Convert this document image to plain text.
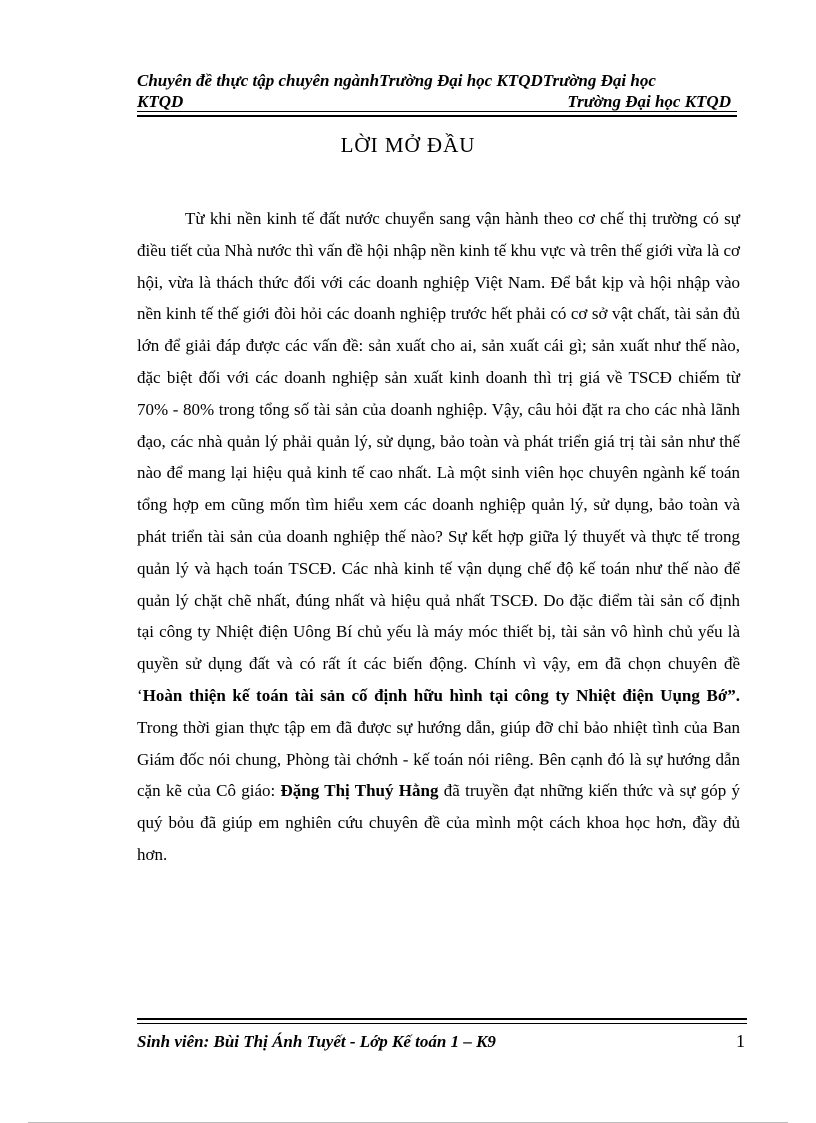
Chuyên đề thực tập chuyên ngànhTrường Đại học KTQDTrường Đại học
KTQD	Trường Đại học KTQD
LỜI MỞ ĐẦU

Từ khi nền kinh tế đất nước chuyển sang vận hành theo cơ chế thị trường có sự điều tiết của Nhà nước thì vấn đề hội nhập nền kinh tế khu vực và trên thế giới vừa là cơ hội, vừa là thách thức đối với các doanh nghiệp Việt Nam. Để bắt kịp và hội nhập vào nền kinh tế thế giới đòi hỏi các doanh nghiệp trước hết phải có cơ sở vật chất, tài sản đủ lớn để giải đáp được các vấn đề: sản xuất cho ai, sản xuất cái gì; sản xuất như thế nào, đặc biệt đối với các doanh nghiệp sản xuất kinh doanh thì trị giá về TSCĐ chiếm từ 70% - 80% trong tổng số tài sản của doanh nghiệp. Vậy, câu hỏi đặt ra cho các nhà lãnh đạo, các nhà quản lý phải quản lý, sử dụng, bảo toàn và phát triển giá trị tài sản như thế nào để mang lại hiệu quả kinh tế cao nhất. Là một sinh viên học chuyên ngành kế toán tổng hợp em cũng mốn tìm hiểu xem các doanh nghiệp quản lý, sử dụng, bảo toàn và phát triển tài sản của doanh nghiệp thế nào? Sự kết hợp giữa lý thuyết và thực tế trong quản lý và hạch toán TSCĐ. Các nhà kinh tế vận dụng chế độ kế toán như thế nào để quản lý chặt chẽ nhất, đúng nhất và hiệu quả nhất TSCĐ. Do đặc điểm tài sản cố định tại công ty Nhiệt điện Uông Bí chủ yếu là máy móc thiết bị, tài sản vô hình chủ yếu là quyền sử dụng đất và có rất ít các biến động. Chính vì vậy, em đã chọn chuyên đề ‘Hoàn thiện kế toán tài sản cố định hữu hình tại công ty Nhiệt điện Uụng Bớ”. Trong thời gian thực tập em đã được sự hướng dẫn, giúp đỡ chỉ bảo nhiệt tình của Ban Giám đốc nói chung, Phòng tài chớnh - kế toán nói riêng. Bên cạnh đó là sự hướng dẫn cặn kẽ của Cô giáo: Đặng Thị Thuý Hằng đã truyền đạt những kiến thức và sự góp ý quý bỏu đã giúp em nghiên cứu chuyên đề của mình một cách khoa học hơn, đầy đủ hơn.

Sinh viên: Bùi Thị Ánh Tuyết - Lớp Kế toán 1 – K9	1
